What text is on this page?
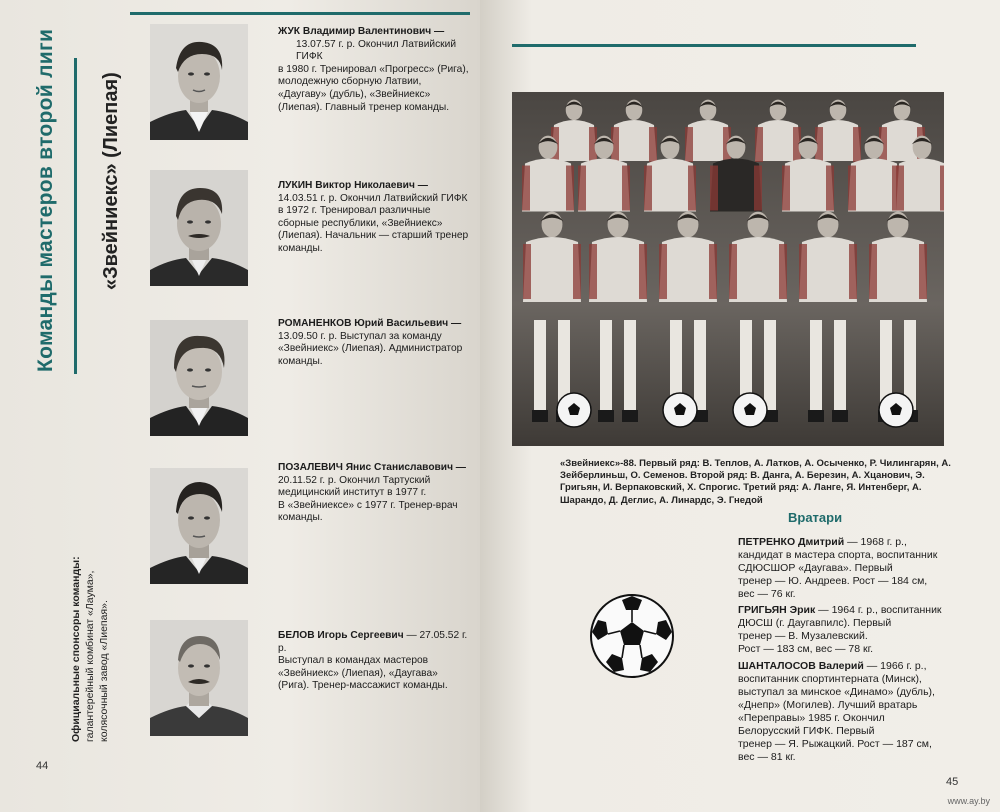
Команды мастеров второй лиги «Звейниекс» (Лиепая)
Официальные спонсоры команды: галантерейный комбинат «Лаума», колясочный завод «Лиепая».
ЖУК Владимир Валентинович —
13.07.57 г. р. Окончил Латвийский ГИФК
в 1980 г. Тренировал «Прогресс» (Рига),
молодежную сборную Латвии,
«Даугаву» (дубль), «Звейниекс»
(Лиепая). Главный тренер команды.
ЛУКИН Виктор Николаевич —
14.03.51 г. р. Окончил Латвийский ГИФК
в 1972 г. Тренировал различные
сборные республики, «Звейниекс»
(Лиепая). Начальник — старший тренер
команды.
РОМАНЕНКОВ Юрий Васильевич —
13.09.50 г. р. Выступал за команду
«Звейниекс» (Лиепая). Администратор
команды.
ПОЗАЛЕВИЧ Янис Станиславович —
20.11.52 г. р. Окончил Тартуский
медицинский институт в 1977 г.
В «Звейниексе» с 1977 г. Тренер-врач
команды.
БЕЛОВ Игорь Сергеевич — 27.05.52 г. р.
Выступал в командах мастеров
«Звейниекс» (Лиепая), «Даугава»
(Рига). Тренер-массажист команды.
44
«Звейниекс»-88. Первый ряд: В. Теплов, А. Латков, А. Осыченко, Р. Чилингарян, А. Зейберлиньш, О. Семенов. Второй ряд: В. Данга, А. Березин, А. Хцанович, Э. Григьян, И. Верпаковский, Х. Спрогис. Третий ряд: А. Ланге, Я. Интенберг, А. Шарандо, Д. Деглис, А. Линардс, Э. Гнедой
Вратари
ПЕТРЕНКО Дмитрий — 1968 г. р.,
кандидат в мастера спорта, воспитанник
СДЮСШОР «Даугава». Первый
тренер — Ю. Андреев. Рост — 184 см,
вес — 76 кг.
ГРИГЬЯН Эрик — 1964 г. р., воспитанник
ДЮСШ (г. Даугавпилс). Первый
тренер — В. Музалевский.
Рост — 183 см, вес — 78 кг.
ШАНТАЛОСОВ Валерий — 1966 г. р.,
воспитанник спортинтерната (Минск),
выступал за минское «Динамо» (дубль),
«Днепр» (Могилев). Лучший вратарь
«Переправы» 1985 г. Окончил
Белорусский ГИФК. Первый
тренер — Я. Рыжацкий. Рост — 187 см,
вес — 81 кг.
45
www.ay.by
